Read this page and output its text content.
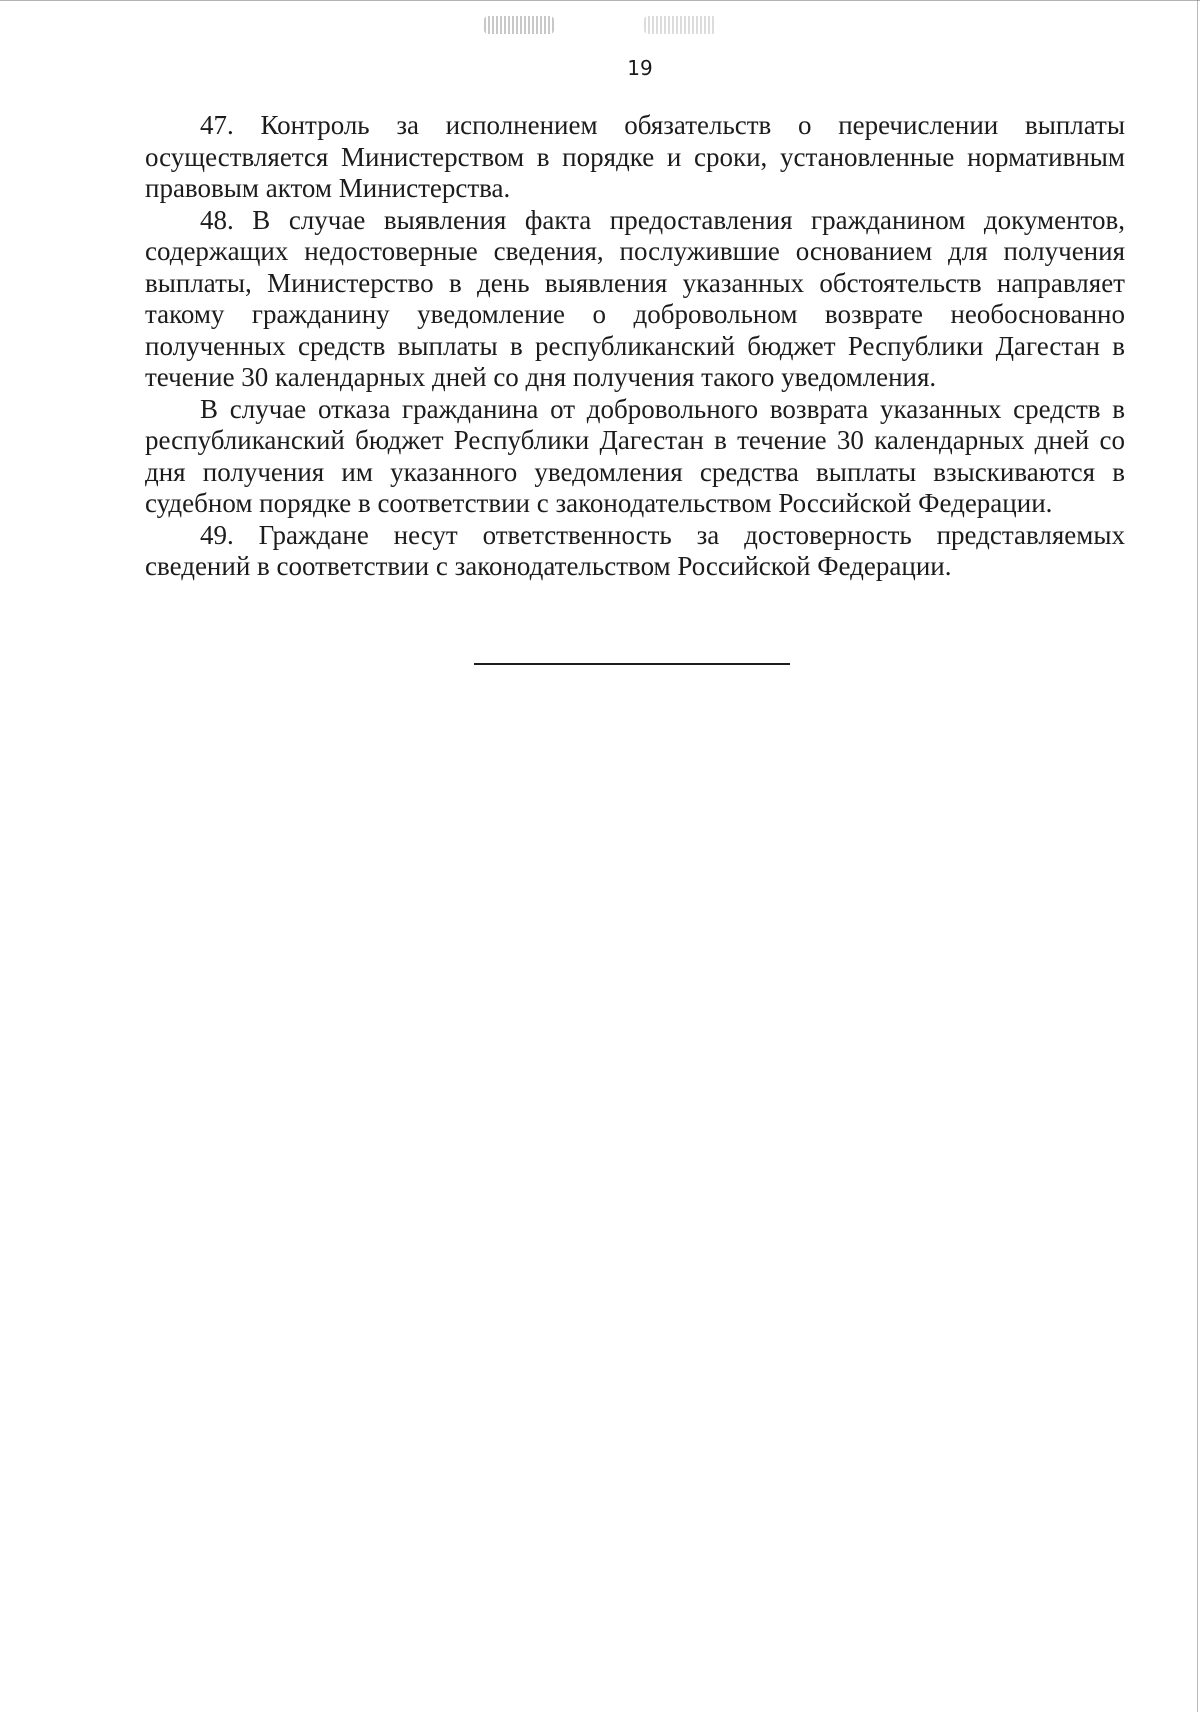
19

47. Контроль за исполнением обязательств о перечислении выплаты осуществляется Министерством в порядке и сроки, установленные нормативным правовым актом Министерства.

48. В случае выявления факта предоставления гражданином документов, содержащих недостоверные сведения, послужившие основанием для получения выплаты, Министерство в день выявления указанных обстоятельств направляет такому гражданину уведомление о добровольном возврате необоснованно полученных средств выплаты в республиканский бюджет Республики Дагестан в течение 30 календарных дней со дня получения такого уведомления.

В случае отказа гражданина от добровольного возврата указанных средств в республиканский бюджет Республики Дагестан в течение 30 календарных дней со дня получения им указанного уведомления средства выплаты взыскиваются в судебном порядке в соответствии с законодательством Российской Федерации.

49. Граждане несут ответственность за достоверность представляемых сведений в соответствии с законодательством Российской Федерации.
